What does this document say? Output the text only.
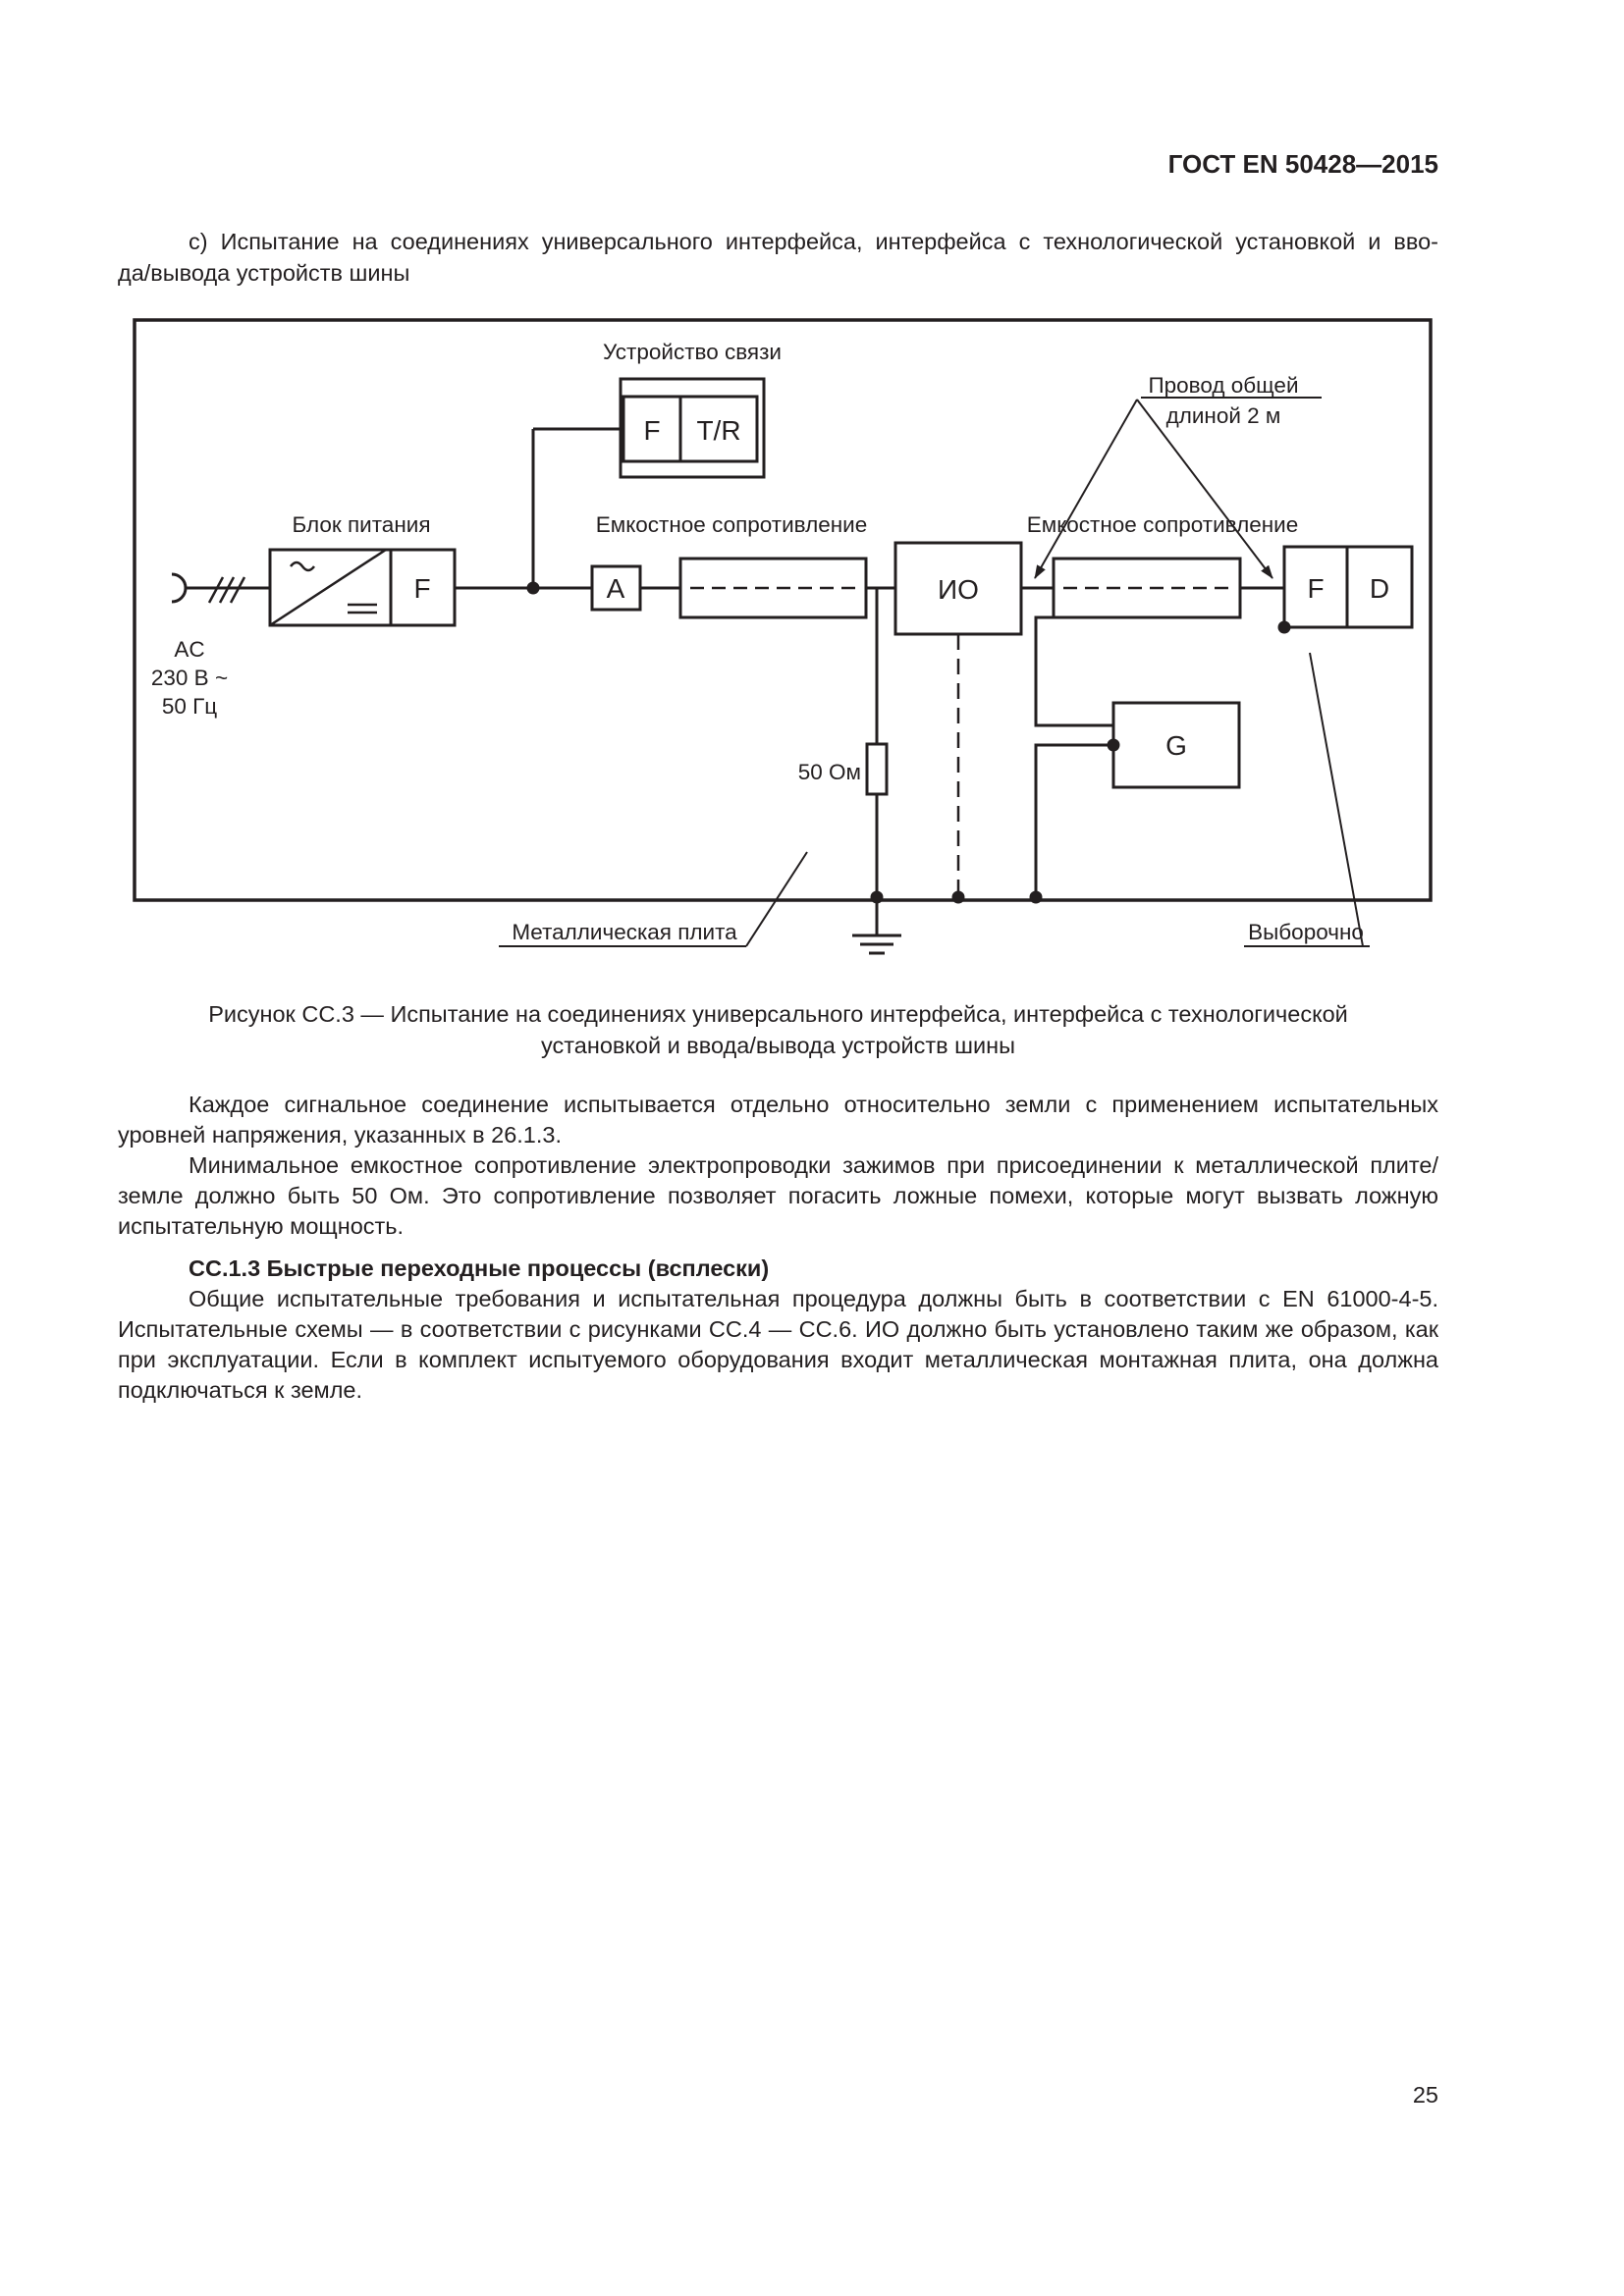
ГОСТ EN 50428—2015
с) Испытание на соединениях универсального интерфейса, интерфейса с технологической установкой и вво-
да/вывода устройств шины
Устройство связи
F T/R
Блок питания
F
Емкостное сопротивление	Емкостное сопротивление
Провод общей
длиной 2 м
A	ИО	F D
G
50 Ом
AC
230 В ~
50 Гц
Металлическая плита	Выборочно
Рисунок СС.3 — Испытание на соединениях универсального интерфейса, интерфейса с технологической
установкой и ввода/вывода устройств шины

Каждое сигнальное соединение испытывается отдельно относительно земли с применением испытательных

уровней напряжения, указанных в 26.1.3.

Минимальное емкостное сопротивление электропроводки зажимов при присоединении к металлической плите/земле должно быть 50 Ом. Это сопротивление позволяет погасить ложные помехи, которые могут вызвать ложную испытательную мощность.

СС.1.3 Быстрые переходные процессы (всплески)

Общие испытательные требования и испытательная процедура должны быть в соответствии с EN 61000-4-5. Испытательные схемы — в соответствии с рисунками СС.4 — СС.6. ИО должно быть установлено таким же образом, как при эксплуатации. Если в комплект испытуемого оборудования входит металлическая монтажная плита, она должна подключаться к земле.

25
